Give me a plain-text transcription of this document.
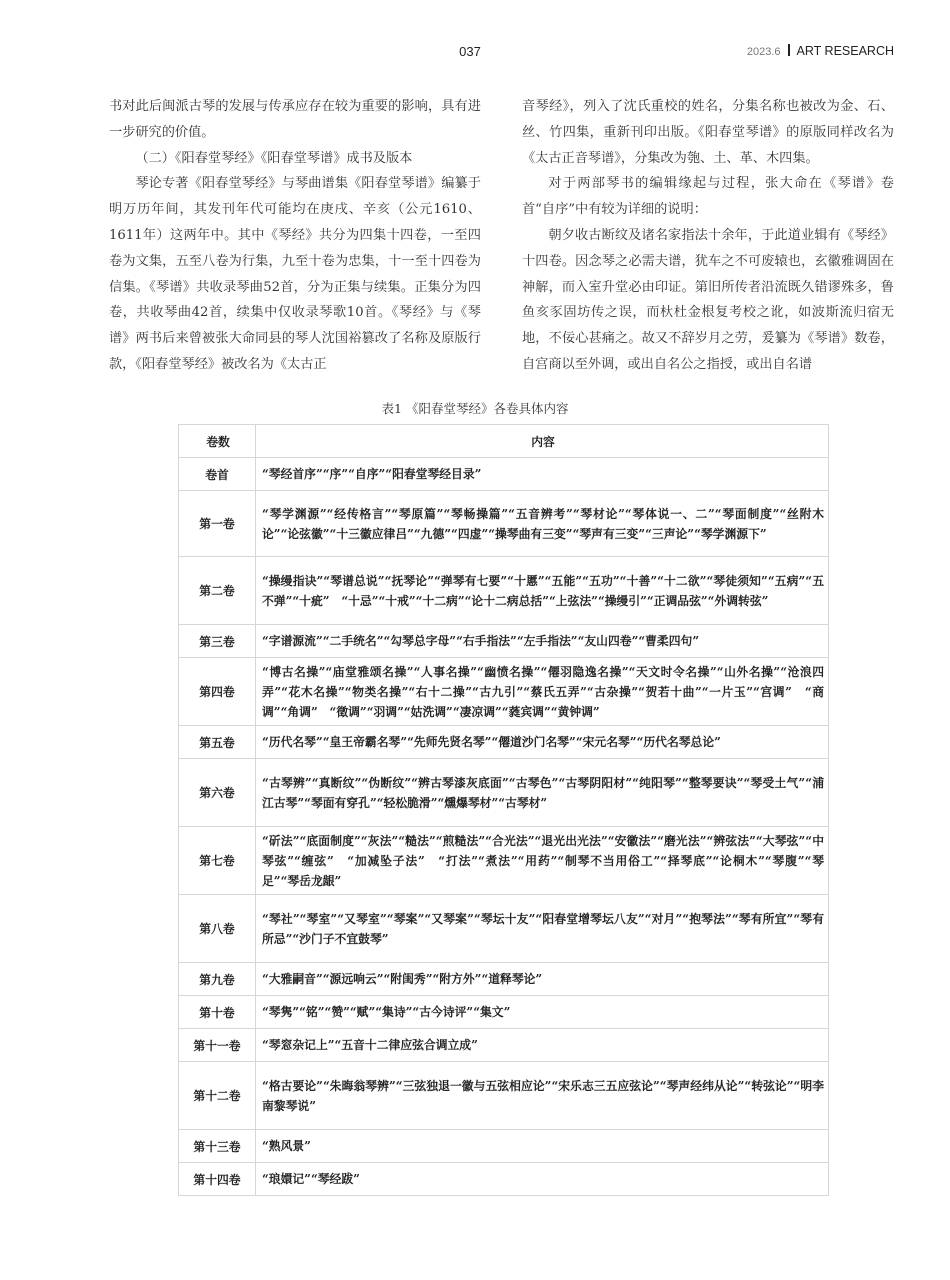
037	2023.6 ART RESEARCH

书对此后闽派古琴的发展与传承应存在较为重要的影响，具有进一步研究的价值。

（二）《阳春堂琴经》《阳春堂琴谱》成书及版本

琴论专著《阳春堂琴经》与琴曲谱集《阳春堂琴谱》编纂于明万历年间，其发刊年代可能均在庚戌、辛亥（公元1610、1611年）这两年中。其中《琴经》共分为四集十四卷，一至四卷为文集，五至八卷为行集，九至十卷为忠集，十一至十四卷为信集。《琴谱》共收录琴曲52首，分为正集与续集。正集分为四卷，共收琴曲42首，续集中仅收录琴歌10首。《琴经》与《琴谱》两书后来曾被张大命同县的琴人沈国裕篡改了名称及原版行款，《阳春堂琴经》被改名为《太古正

音琴经》，列入了沈氏重校的姓名，分集名称也被改为金、石、丝、竹四集，重新刊印出版。《阳春堂琴谱》的原版同样改名为《太古正音琴谱》，分集改为匏、土、革、木四集。

对于两部琴书的编辑缘起与过程，张大命在《琴谱》卷首“自序”中有较为详细的说明：

朝夕收古断纹及诸名家指法十余年，于此道业辑有《琴经》十四卷。因念琴之必需夫谱，犹车之不可废辕也，玄徽雅调固在神解，而入室升堂必由印证。第旧所传者沿流既久错谬殊多，鲁鱼亥豕固坊传之误，而杕杜金根复考校之讹，如波斯流归宿无地，不佞心甚痛之。故又不辞岁月之劳，爰纂为《琴谱》数卷，自宫商以至外调，或出自名公之指授，或出自名谱

表1 《阳春堂琴经》各卷具体内容
卷数	内容
卷首	“琴经首序”“序”“自序”“阳春堂琴经目录”
第一卷	“琴学渊源”“经传格言”“琴原篇”“琴畅操篇”“五音辨考”“琴材论”“琴体说一、二”“琴面制度”“丝附木论”“论弦徽”“十三徽应律吕”“九德”“四虚”“操琴曲有三变”“琴声有三变”“三声论”“琴学渊源下”
第二卷	“操缦指诀”“琴谱总说”“抚琴论”“弹琴有七要”“十慝”“五能”“五功”“十善”“十二欲”“琴徒须知”“五病”“五不弹”“十疵”　“十忌”“十戒”“十二病”“论十二病总括”“上弦法”“操缦引”“正调品弦”“外调转弦”
第三卷	“字谱源流”“二手统名”“勾琴总字母”“右手指法”“左手指法”“友山四卷”“曹柔四句”
第四卷	“博古名操”“庙堂雅颂名操”“人事名操”“幽愤名操”“僊羽隐逸名操”“天文时令名操”“山外名操”“沧浪四弄”“花木名操”“物类名操”“右十二操”“古九引”“蔡氏五弄”“古杂操”“贺若十曲”“一片玉”“宫调”　“商调”“角调”　“徵调”“羽调”“姑洗调”“凄凉调”“蕤宾调”“黄钟调”
第五卷	“历代名琴”“皇王帝霸名琴”“先师先贤名琴”“僊道沙门名琴”“宋元名琴”“历代名琴总论”
第六卷	“古琴辨”“真断纹”“伪断纹”“辨古琴漆灰底面”“古琴色”“古琴阴阳材”“纯阳琴”“整琴要诀”“琴受土气”“浦江古琴”“琴面有穿孔”“轻松脆滑”“燻爆琴材”“古琴材”
第七卷	“斫法”“底面制度”“灰法”“糙法”“煎糙法”“合光法”“退光出光法”“安徽法”“磨光法”“辨弦法”“大琴弦”“中琴弦”“缠弦”　“加减坠子法”　“打法”“煮法”“用药”“制琴不当用俗工”“择琴底”“论桐木”“琴腹”“琴足”“琴岳龙龈”
第八卷	“琴社”“琴室”“又琴室”“琴案”“又琴案”“琴坛十友”“阳春堂增琴坛八友”“对月”“抱琴法”“琴有所宜”“琴有所忌”“沙门子不宜鼓琴”
第九卷	“大雅嗣音”“源远响云”“附闺秀”“附方外”“道释琴论”
第十卷	“琴隽”“铭”“赞”“赋”“集诗”“古今诗评”“集文”
第十一卷	“琴窓杂记上”“五音十二律应弦合调立成”
第十二卷	“格古要论”“朱晦翁琴辨”“三弦独退一徽与五弦相应论”“宋乐志三五应弦论”“琴声经纬从论”“转弦论”“明李南黎琴说”
第十三卷	“熟风景”
第十四卷	“琅嬛记”“琴经跋”
